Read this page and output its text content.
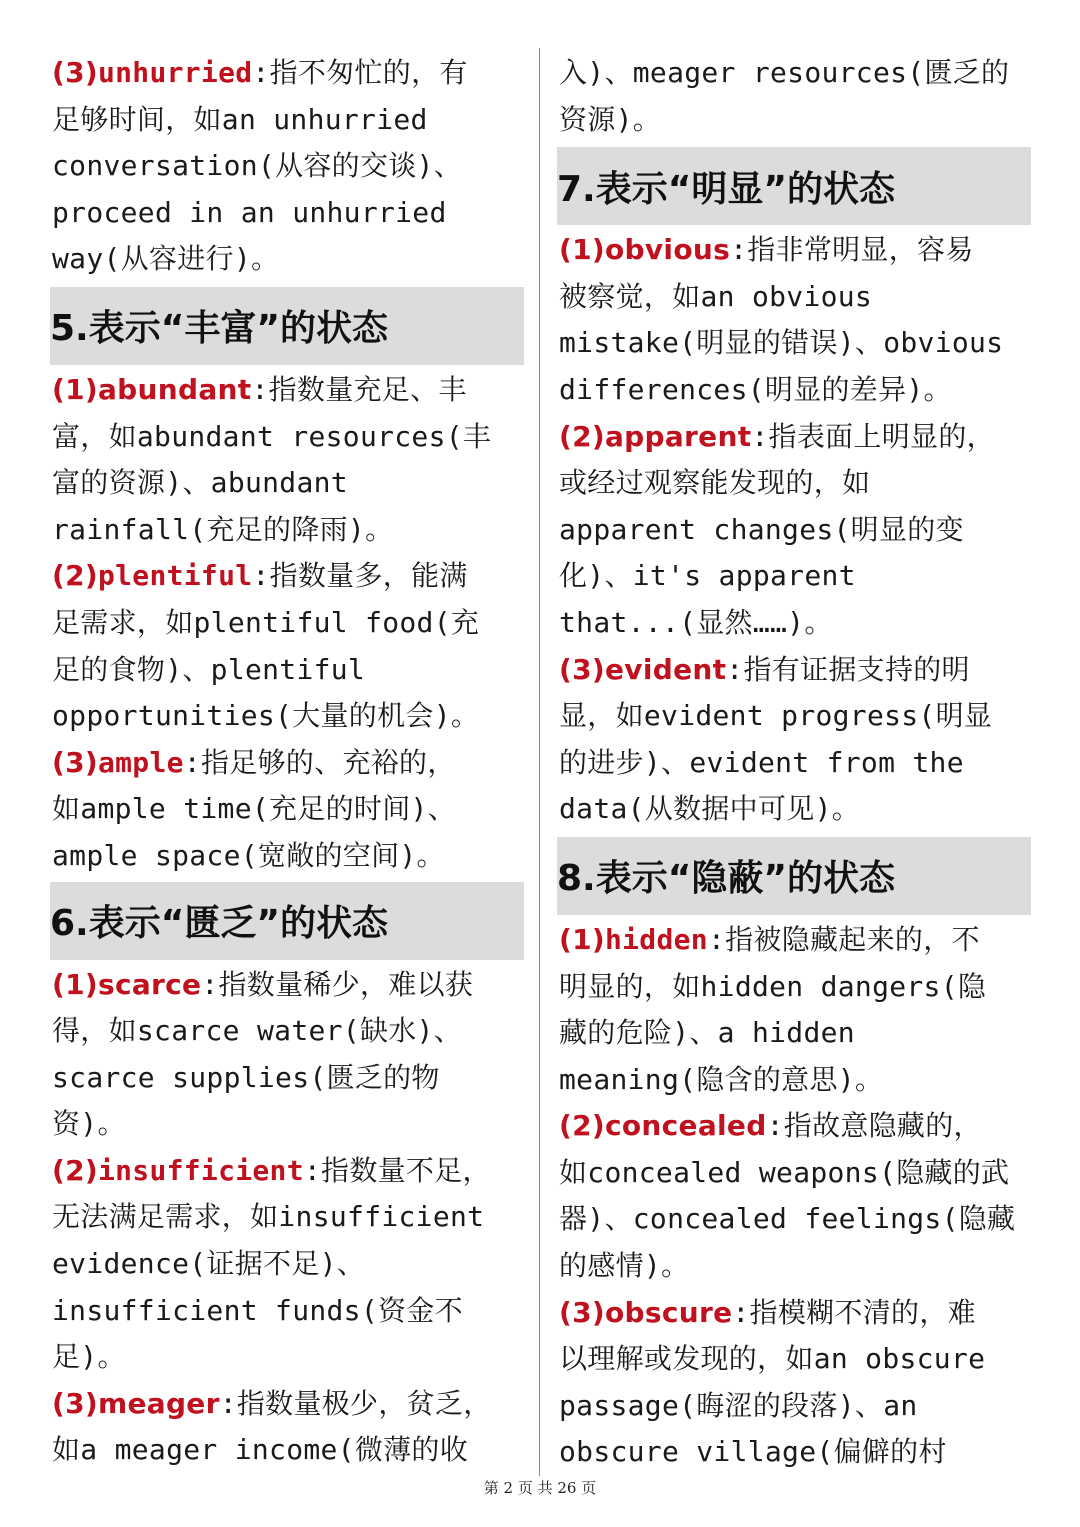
(3)unhurried:指不匆忙的，有

足够时间，如an unhurried

conversation(从容的交谈)、

proceed in an unhurried

way(从容进行)。

5.表示“丰富”的状态

(1)abundant:指数量充足、丰

富，如abundant resources(丰

富的资源)、abundant

rainfall(充足的降雨)。

(2)plentiful:指数量多，能满

足需求，如plentiful food(充

足的食物)、plentiful

opportunities(大量的机会)。

(3)ample:指足够的、充裕的，

如ample time(充足的时间)、

ample space(宽敞的空间)。

6.表示“匮乏”的状态

(1)scarce:指数量稀少，难以获

得，如scarce water(缺水)、

scarce supplies(匮乏的物

资)。

(2)insufficient:指数量不足，

无法满足需求，如insufficient

evidence(证据不足)、

insufficient funds(资金不

足)。

(3)meager:指数量极少，贫乏，

如a meager income(微薄的收

入)、meager resources(匮乏的

资源)。

7.表示“明显”的状态

(1)obvious:指非常明显，容易

被察觉，如an obvious

mistake(明显的错误)、obvious

differences(明显的差异)。

(2)apparent:指表面上明显的，

或经过观察能发现的，如

apparent changes(明显的变

化)、it's apparent

that...(显然……)。

(3)evident:指有证据支持的明

显，如evident progress(明显

的进步)、evident from the

data(从数据中可见)。

8.表示“隐蔽”的状态

(1)hidden:指被隐藏起来的，不

明显的，如hidden dangers(隐

藏的危险)、a hidden

meaning(隐含的意思)。

(2)concealed:指故意隐藏的，

如concealed weapons(隐藏的武

器)、concealed feelings(隐藏

的感情)。

(3)obscure:指模糊不清的，难

以理解或发现的，如an obscure

passage(晦涩的段落)、an

obscure village(偏僻的村

第 2 页 共 26 页
